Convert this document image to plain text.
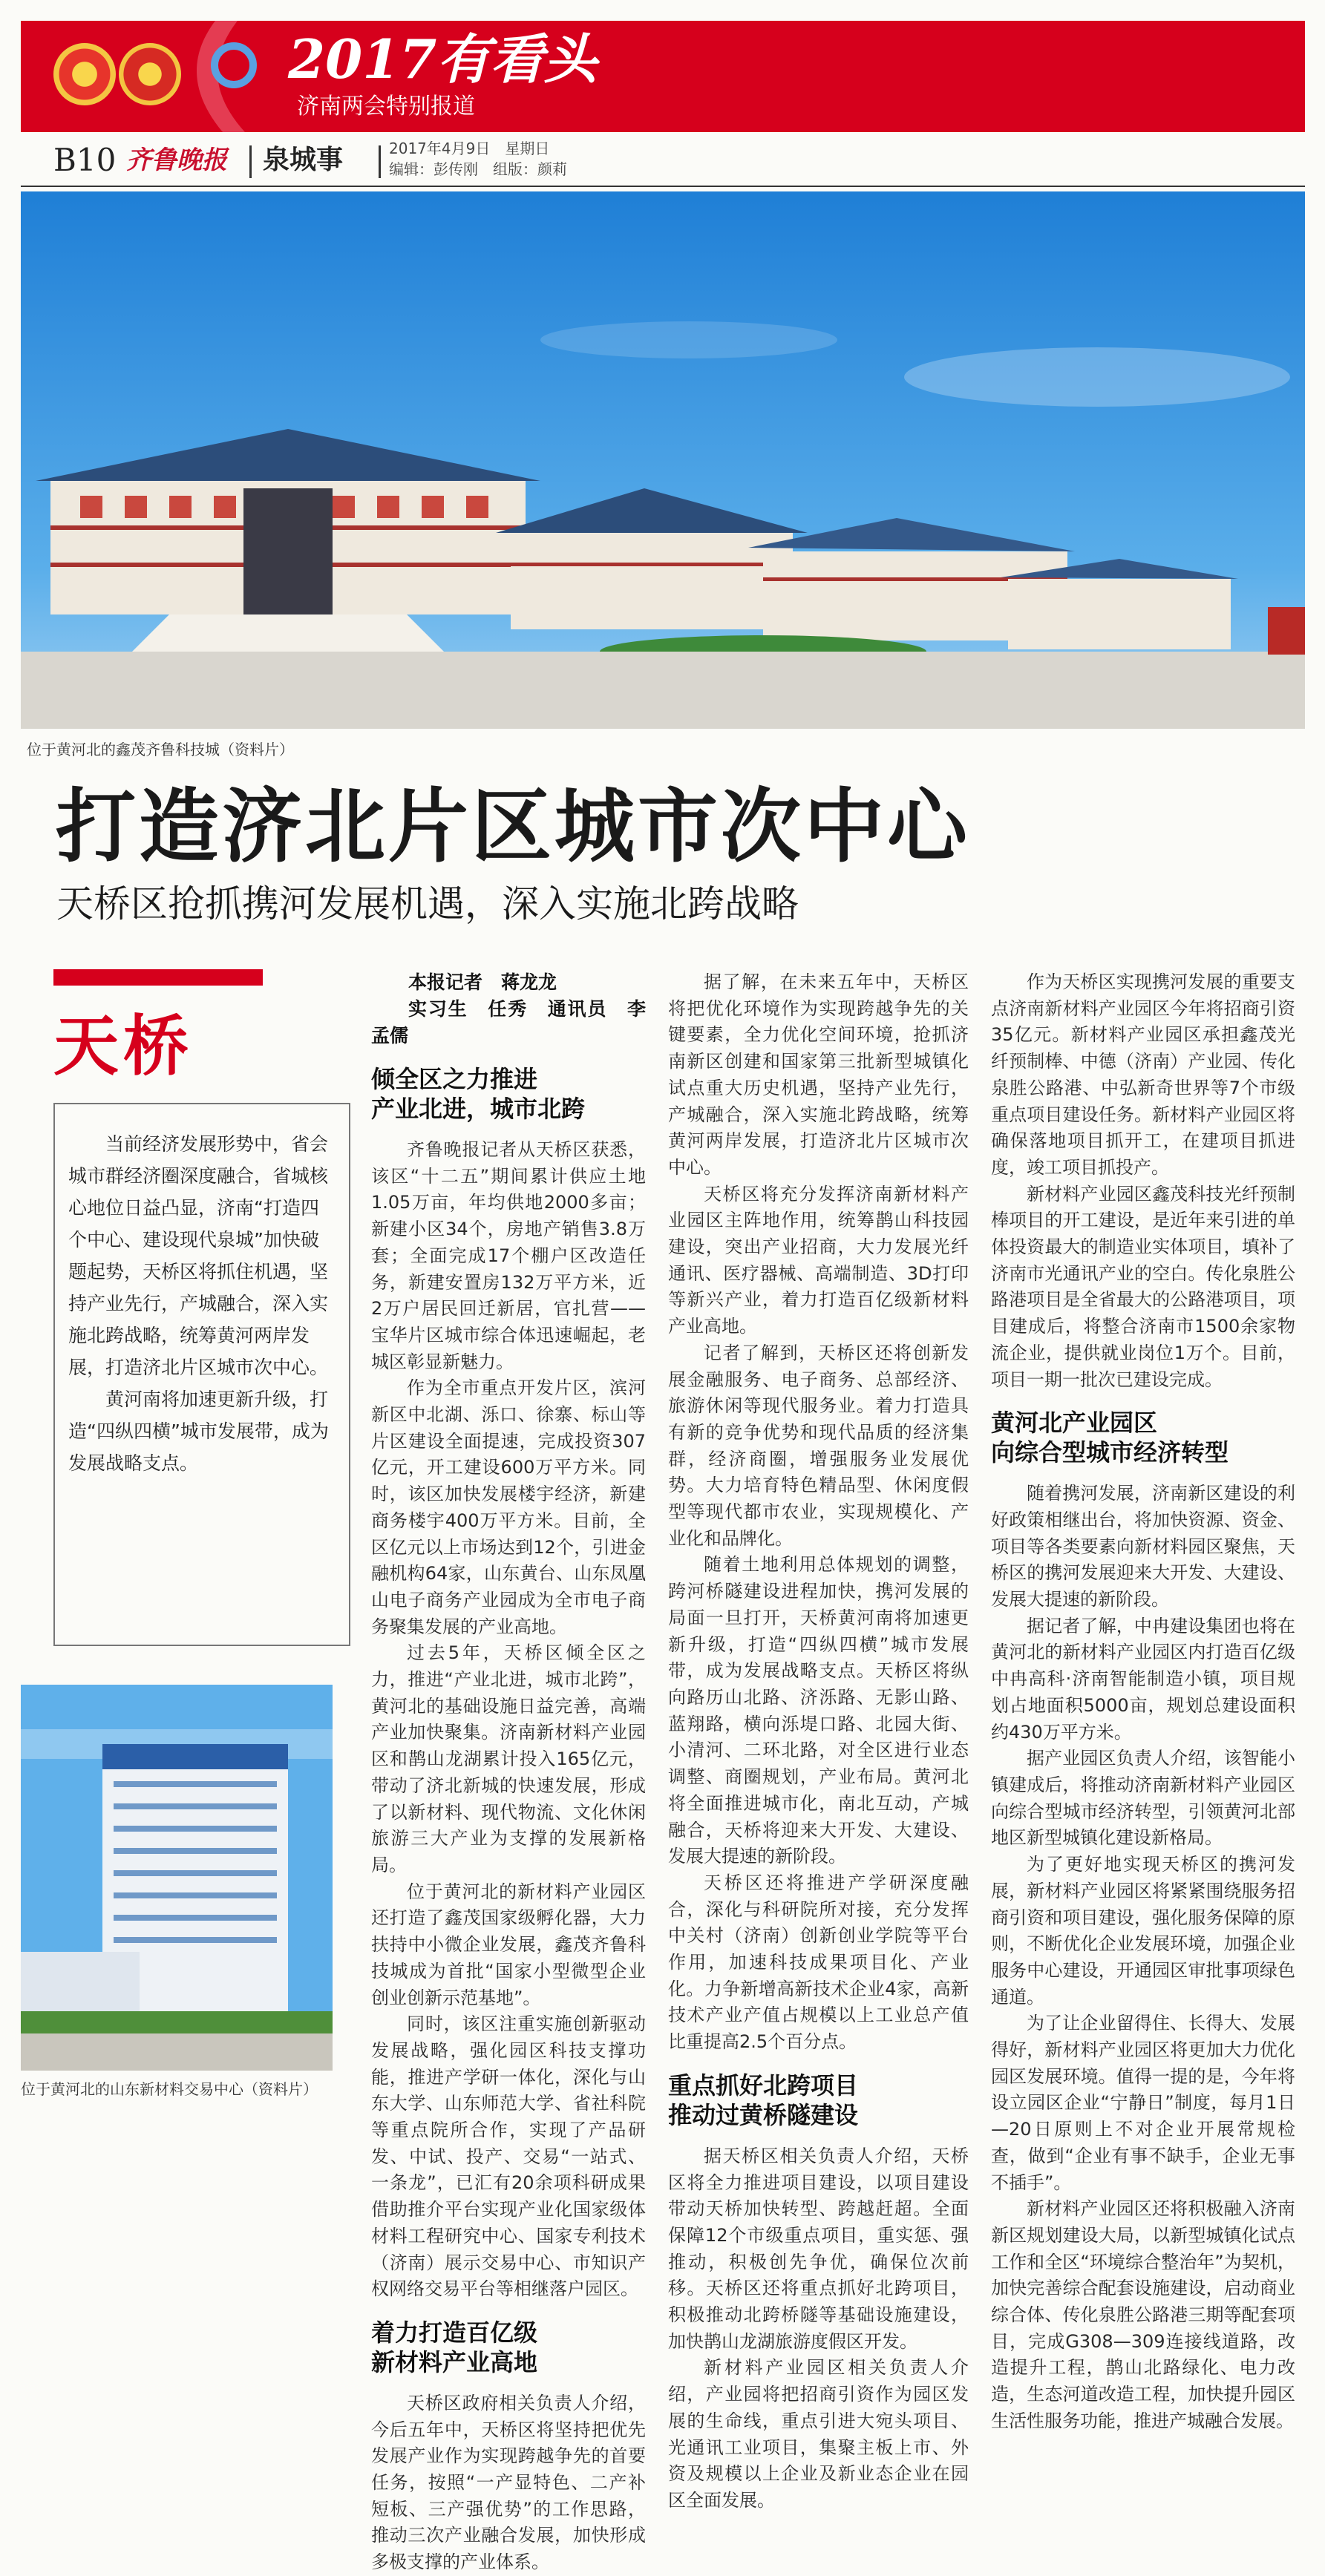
2017有看头
济南两会特别报道
B10 齐鲁晚报	泉城事	2017年4月9日　星期日
编辑：彭传刚　组版：颜莉
位于黄河北的鑫茂齐鲁科技城（资料片）
打造济北片区城市次中心
天桥区抢抓携河发展机遇，深入实施北跨战略
天桥

当前经济发展形势中，省会城市群经济圈深度融合，省城核心地位日益凸显，济南“打造四个中心、建设现代泉城”加快破题起势，天桥区将抓住机遇，坚持产业先行，产城融合，深入实施北跨战略，统筹黄河两岸发展，打造济北片区城市次中心。

黄河南将加速更新升级，打造“四纵四横”城市发展带，成为发展战略支点。

位于黄河北的山东新材料交易中心（资料片）

本报记者　蒋龙龙

实习生　任秀　通讯员　李孟儒

倾全区之力推进
产业北进，城市北跨

齐鲁晚报记者从天桥区获悉，该区“十二五”期间累计供应土地1.05万亩，年均供地2000多亩；新建小区34个，房地产销售3.8万套；全面完成17个棚户区改造任务，新建安置房132万平方米，近2万户居民回迁新居，官扎营——宝华片区城市综合体迅速崛起，老城区彰显新魅力。

作为全市重点开发片区，滨河新区中北湖、泺口、徐寨、标山等片区建设全面提速，完成投资307亿元，开工建设600万平方米。同时，该区加快发展楼宇经济，新建商务楼宇400万平方米。目前，全区亿元以上市场达到12个，引进金融机构64家，山东黄台、山东凤凰山电子商务产业园成为全市电子商务聚集发展的产业高地。

过去5年，天桥区倾全区之力，推进“产业北进，城市北跨”，黄河北的基础设施日益完善，高端产业加快聚集。济南新材料产业园区和鹊山龙湖累计投入165亿元，带动了济北新城的快速发展，形成了以新材料、现代物流、文化休闲旅游三大产业为支撑的发展新格局。

位于黄河北的新材料产业园区还打造了鑫茂国家级孵化器，大力扶持中小微企业发展，鑫茂齐鲁科技城成为首批“国家小型微型企业创业创新示范基地”。

同时，该区注重实施创新驱动发展战略，强化园区科技支撑功能，推进产学研一体化，深化与山东大学、山东师范大学、省社科院等重点院所合作，实现了产品研发、中试、投产、交易“一站式、一条龙”，已汇有20余项科研成果借助推介平台实现产业化国家级体材料工程研究中心、国家专利技术（济南）展示交易中心、市知识产权网络交易平台等相继落户园区。

着力打造百亿级
新材料产业高地

天桥区政府相关负责人介绍，今后五年中，天桥区将坚持把优先发展产业作为实现跨越争先的首要任务，按照“一产显特色、二产补短板、三产强优势”的工作思路，推动三次产业融合发展，加快形成多极支撑的产业体系。

据了解，在未来五年中，天桥区将把优化环境作为实现跨越争先的关键要素，全力优化空间环境，抢抓济南新区创建和国家第三批新型城镇化试点重大历史机遇，坚持产业先行，产城融合，深入实施北跨战略，统筹黄河两岸发展，打造济北片区城市次中心。

天桥区将充分发挥济南新材料产业园区主阵地作用，统筹鹊山科技园建设，突出产业招商，大力发展光纤通讯、医疗器械、高端制造、3D打印等新兴产业，着力打造百亿级新材料产业高地。

记者了解到，天桥区还将创新发展金融服务、电子商务、总部经济、旅游休闲等现代服务业。着力打造具有新的竞争优势和现代品质的经济集群，经济商圈，增强服务业发展优势。大力培育特色精品型、休闲度假型等现代都市农业，实现规模化、产业化和品牌化。

随着土地利用总体规划的调整，跨河桥隧建设进程加快，携河发展的局面一旦打开，天桥黄河南将加速更新升级，打造“四纵四横”城市发展带，成为发展战略支点。天桥区将纵向路历山北路、济泺路、无影山路、蓝翔路，横向泺堤口路、北园大街、小清河、二环北路，对全区进行业态调整、商圈规划，产业布局。黄河北将全面推进城市化，南北互动，产城融合，天桥将迎来大开发、大建设、发展大提速的新阶段。

天桥区还将推进产学研深度融合，深化与科研院所对接，充分发挥中关村（济南）创新创业学院等平台作用，加速科技成果项目化、产业化。力争新增高新技术企业4家，高新技术产业产值占规模以上工业总产值比重提高2.5个百分点。

重点抓好北跨项目
推动过黄桥隧建设

据天桥区相关负责人介绍，天桥区将全力推进项目建设，以项目建设带动天桥加快转型、跨越赶超。全面保障12个市级重点项目，重实惩、强推动，积极创先争优，确保位次前移。天桥区还将重点抓好北跨项目，积极推动北跨桥隧等基础设施建设，加快鹊山龙湖旅游度假区开发。

新材料产业园区相关负责人介绍，产业园将把招商引资作为园区发展的生命线，重点引进大宛头项目、光通讯工业项目，集聚主板上市、外资及规模以上企业及新业态企业在园区全面发展。

作为天桥区实现携河发展的重要支点济南新材料产业园区今年将招商引资35亿元。新材料产业园区承担鑫茂光纤预制棒、中德（济南）产业园、传化泉胜公路港、中弘新奇世界等7个市级重点项目建设任务。新材料产业园区将确保落地项目抓开工，在建项目抓进度，竣工项目抓投产。

新材料产业园区鑫茂科技光纤预制棒项目的开工建设，是近年来引进的单体投资最大的制造业实体项目，填补了济南市光通讯产业的空白。传化泉胜公路港项目是全省最大的公路港项目，项目建成后，将整合济南市1500余家物流企业，提供就业岗位1万个。目前，项目一期一批次已建设完成。

黄河北产业园区
向综合型城市经济转型

随着携河发展，济南新区建设的利好政策相继出台，将加快资源、资金、项目等各类要素向新材料园区聚焦，天桥区的携河发展迎来大开发、大建设、发展大提速的新阶段。

据记者了解，中冉建设集团也将在黄河北的新材料产业园区内打造百亿级中冉高科·济南智能制造小镇，项目规划占地面积5000亩，规划总建设面积约430万平方米。

据产业园区负责人介绍，该智能小镇建成后，将推动济南新材料产业园区向综合型城市经济转型，引领黄河北部地区新型城镇化建设新格局。

为了更好地实现天桥区的携河发展，新材料产业园区将紧紧围绕服务招商引资和项目建设，强化服务保障的原则，不断优化企业发展环境，加强企业服务中心建设，开通园区审批事项绿色通道。

为了让企业留得住、长得大、发展得好，新材料产业园区将更加大力优化园区发展环境。值得一提的是，今年将设立园区企业“宁静日”制度，每月1日—20日原则上不对企业开展常规检查，做到“企业有事不缺手，企业无事不插手”。

新材料产业园区还将积极融入济南新区规划建设大局，以新型城镇化试点工作和全区“环境综合整治年”为契机，加快完善综合配套设施建设，启动商业综合体、传化泉胜公路港三期等配套项目，完成G308—309连接线道路，改造提升工程，鹊山北路绿化、电力改造，生态河道改造工程，加快提升园区生活性服务功能，推进产城融合发展。
